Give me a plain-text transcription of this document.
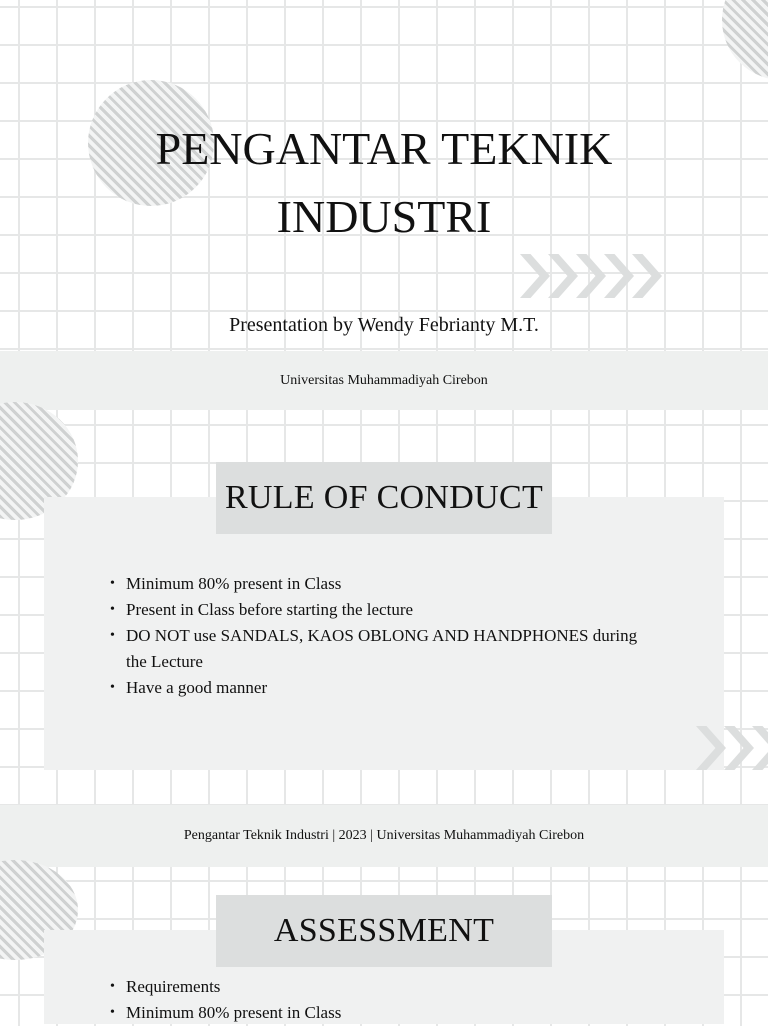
PENGANTAR TEKNIK
INDUSTRI
Presentation by Wendy Febrianty M.T.
Universitas Muhammadiyah Cirebon
RULE OF CONDUCT
• Minimum 80% present in Class
• Present in Class before starting the lecture
• DO NOT use SANDALS, KAOS OBLONG AND HANDPHONES during the Lecture
• Have a good manner
Pengantar Teknik Industri | 2023 | Universitas Muhammadiyah Cirebon
ASSESSMENT
• Requirements
• Minimum 80% present in Class
